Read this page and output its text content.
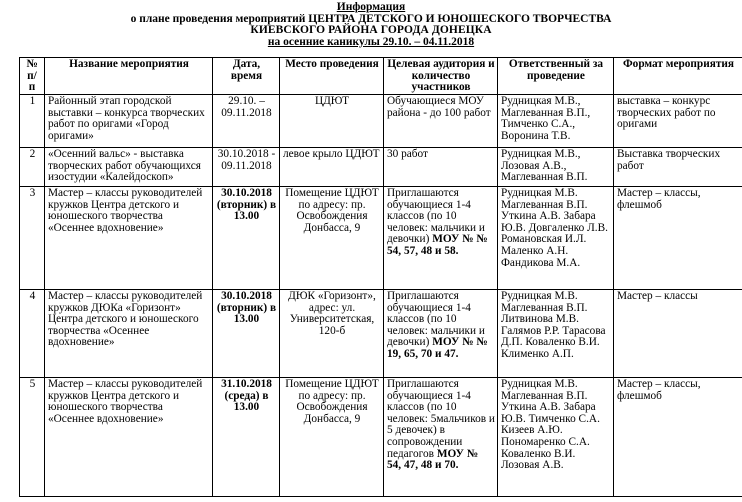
Информация
о плане проведения мероприятий ЦЕНТРА ДЕТСКОГО И ЮНОШЕСКОГО ТВОРЧЕСТВА
КИЕВСКОГО РАЙОНА ГОРОДА ДОНЕЦКА
на осенние каникулы 29.10. – 04.11.2018
№ п/п	Название мероприятия	Дата, время	Место проведения	Целевая аудитория и количество участников	Ответственный за проведение	Формат мероприятия
1	Районный этап городской выставки – конкурса творческих работ по оригами «Город оригами»	29.10. – 09.11.2018	ЦДЮТ	Обучающиеся МОУ района - до 100 работ	Рудницкая М.В., Маглеванная В.П., Тимченко С.А., Воронина Т.В.	выставка – конкурс творческих работ по оригами
2	«Осенний вальс» - выставка творческих работ обучающихся изостудии «Калейдоскоп»	30.10.2018 - 09.11.2018	левое крыло ЦДЮТ	30 работ	Рудницкая М.В., Лозовая А.В., Маглеванная В.П.	Выставка творческих работ
3	Мастер – классы руководителей кружков Центра детского и юношеского творчества «Осеннее вдохновение»	30.10.2018 (вторник) в 13.00	Помещение ЦДЮТ по адресу: пр. Освобождения Донбасса, 9	Приглашаются обучающиеся 1-4 классов (по 10 человек: мальчики и девочки) МОУ № № 54, 57, 48 и 58.	Рудницкая М.В. Маглеванная В.П. Уткина А.В. Забара Ю.В. Довгаленко Л.В. Романовская И.Л. Маленко А.Н. Фандикова М.А.	Мастер – классы, флешмоб
4	Мастер – классы руководителей кружков ДЮКа «Горизонт» Центра детского и юношеского творчества «Осеннее вдохновение»	30.10.2018 (вторник) в 13.00	ДЮК «Горизонт», адрес: ул. Университетская, 120-б	Приглашаются обучающиеся 1-4 классов (по 10 человек: мальчики и девочки) МОУ № № 19, 65, 70 и 47.	Рудницкая М.В. Маглеванная В.П. Литвинова М.В. Галямов Р.Р. Тарасова Д.П. Коваленко В.И. Клименко А.П.	Мастер – классы
5	Мастер – классы руководителей кружков Центра детского и юношеского творчества «Осеннее вдохновение»	31.10.2018 (среда) в 13.00	Помещение ЦДЮТ по адресу: пр. Освобождения Донбасса, 9	Приглашаются обучающиеся 1-4 классов (по 10 человек: 5мальчиков и 5 девочек) в сопровождении педагогов МОУ № 54, 47, 48 и 70.	Рудницкая М.В. Маглеванная В.П. Уткина А.В. Забара Ю.В. Тимченко С.А. Кизеев А.Ю. Пономаренко С.А. Коваленко В.И. Лозовая А.В.	Мастер – классы, флешмоб
